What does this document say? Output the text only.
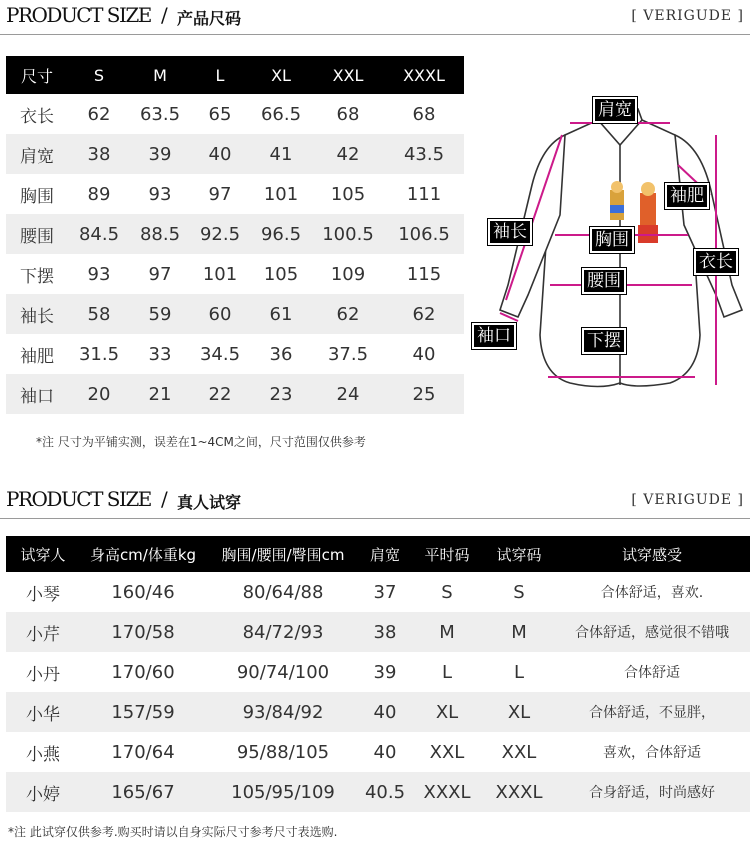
PRODUCT SIZE / 产品尺码	[ VERIGUDE ]
尺寸	S	M	L	XL	XXL	XXXL
衣长	62	63.5	65	66.5	68	68
肩宽	38	39	40	41	42	43.5
胸围	89	93	97	101	105	111
腰围	84.5	88.5	92.5	96.5	100.5	106.5
下摆	93	97	101	105	109	115
袖长	58	59	60	61	62	62
袖肥	31.5	33	34.5	36	37.5	40
袖口	20	21	22	23	24	25
肩宽
袖肥
袖长	胸围
衣长
腰围
袖口	下摆
*注 尺寸为平铺实测，误差在1~4CM之间，尺寸范围仅供参考
PRODUCT SIZE / 真人试穿	[ VERIGUDE ]
试穿人	身高cm/体重kg	胸围/腰围/臀围cm	肩宽	平时码	试穿码	试穿感受
小琴	160/46	80/64/88	37	S	S	合体舒适，喜欢.
小芹	170/58	84/72/93	38	M	M	合体舒适，感觉很不错哦
小丹	170/60	90/74/100	39	L	L	合体舒适
小华	157/59	93/84/92	40	XL	XL	合体舒适，不显胖，
小燕	170/64	95/88/105	40	XXL	XXL	喜欢，合体舒适
小婷	165/67	105/95/109	40.5	XXXL	XXXL	合身舒适，时尚感好
*注 此试穿仅供参考.购买时请以自身实际尺寸参考尺寸表选购.
